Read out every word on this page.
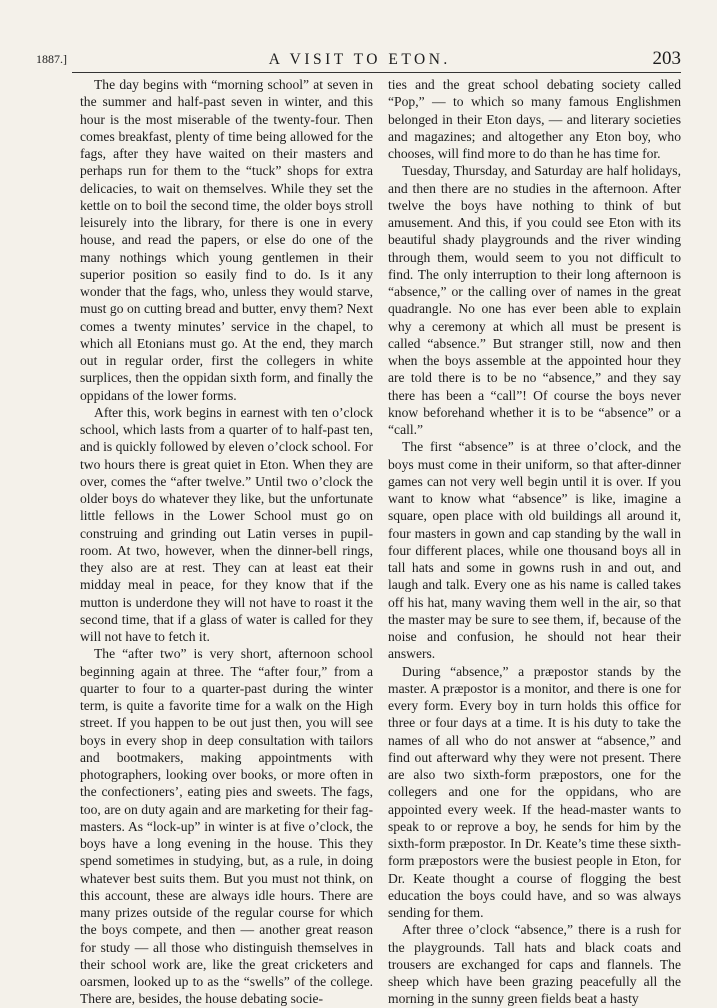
1887.]	A VISIT TO ETON.	203

The day begins with “morning school” at seven in the summer and half-past seven in winter, and this hour is the most miserable of the twenty-four. Then comes breakfast, plenty of time being allowed for the fags, after they have waited on their masters and perhaps run for them to the “tuck” shops for extra delicacies, to wait on themselves. While they set the kettle on to boil the second time, the older boys stroll leisurely into the library, for there is one in every house, and read the papers, or else do one of the many nothings which young gentlemen in their superior position so easily find to do. Is it any wonder that the fags, who, unless they would starve, must go on cutting bread and butter, envy them? Next comes a twenty minutes’ service in the chapel, to which all Etonians must go. At the end, they march out in regular order, first the collegers in white surplices, then the oppidan sixth form, and finally the oppidans of the lower forms.

After this, work begins in earnest with ten o’clock school, which lasts from a quarter of to half-past ten, and is quickly followed by eleven o’clock school. For two hours there is great quiet in Eton. When they are over, comes the “after twelve.” Until two o’clock the older boys do whatever they like, but the unfortunate little fellows in the Lower School must go on construing and grinding out Latin verses in pupil-room. At two, however, when the dinner-bell rings, they also are at rest. They can at least eat their midday meal in peace, for they know that if the mutton is underdone they will not have to roast it the second time, that if a glass of water is called for they will not have to fetch it.

The “after two” is very short, afternoon school beginning again at three. The “after four,” from a quarter to four to a quarter-past during the winter term, is quite a favorite time for a walk on the High street. If you happen to be out just then, you will see boys in every shop in deep consultation with tailors and bootmakers, making appointments with photographers, looking over books, or more often in the confectioners’, eating pies and sweets. The fags, too, are on duty again and are marketing for their fag-masters. As “lock-up” in winter is at five o’clock, the boys have a long evening in the house. This they spend sometimes in studying, but, as a rule, in doing whatever best suits them. But you must not think, on this account, these are always idle hours. There are many prizes outside of the regular course for which the boys compete, and then — another great reason for study — all those who distinguish themselves in their school work are, like the great cricketers and oarsmen, looked up to as the “swells” of the college. There are, besides, the house debating socie-

ties and the great school debating society called “Pop,” — to which so many famous Englishmen belonged in their Eton days, — and literary societies and magazines; and altogether any Eton boy, who chooses, will find more to do than he has time for.

Tuesday, Thursday, and Saturday are half holidays, and then there are no studies in the afternoon. After twelve the boys have nothing to think of but amusement. And this, if you could see Eton with its beautiful shady playgrounds and the river winding through them, would seem to you not difficult to find. The only interruption to their long afternoon is “absence,” or the calling over of names in the great quadrangle. No one has ever been able to explain why a ceremony at which all must be present is called “absence.” But stranger still, now and then when the boys assemble at the appointed hour they are told there is to be no “absence,” and they say there has been a “call”! Of course the boys never know beforehand whether it is to be “absence” or a “call.”

The first “absence” is at three o’clock, and the boys must come in their uniform, so that after-dinner games can not very well begin until it is over. If you want to know what “absence” is like, imagine a square, open place with old buildings all around it, four masters in gown and cap standing by the wall in four different places, while one thousand boys all in tall hats and some in gowns rush in and out, and laugh and talk. Every one as his name is called takes off his hat, many waving them well in the air, so that the master may be sure to see them, if, because of the noise and confusion, he should not hear their answers.

During “absence,” a præpostor stands by the master. A præpostor is a monitor, and there is one for every form. Every boy in turn holds this office for three or four days at a time. It is his duty to take the names of all who do not answer at “absence,” and find out afterward why they were not present. There are also two sixth-form præpostors, one for the collegers and one for the oppidans, who are appointed every week. If the head-master wants to speak to or reprove a boy, he sends for him by the sixth-form præpostor. In Dr. Keate’s time these sixth-form præpostors were the busiest people in Eton, for Dr. Keate thought a course of flogging the best education the boys could have, and so was always sending for them.

After three o’clock “absence,” there is a rush for the playgrounds. Tall hats and black coats and trousers are exchanged for caps and flannels. The sheep which have been grazing peacefully all the morning in the sunny green fields beat a hasty
